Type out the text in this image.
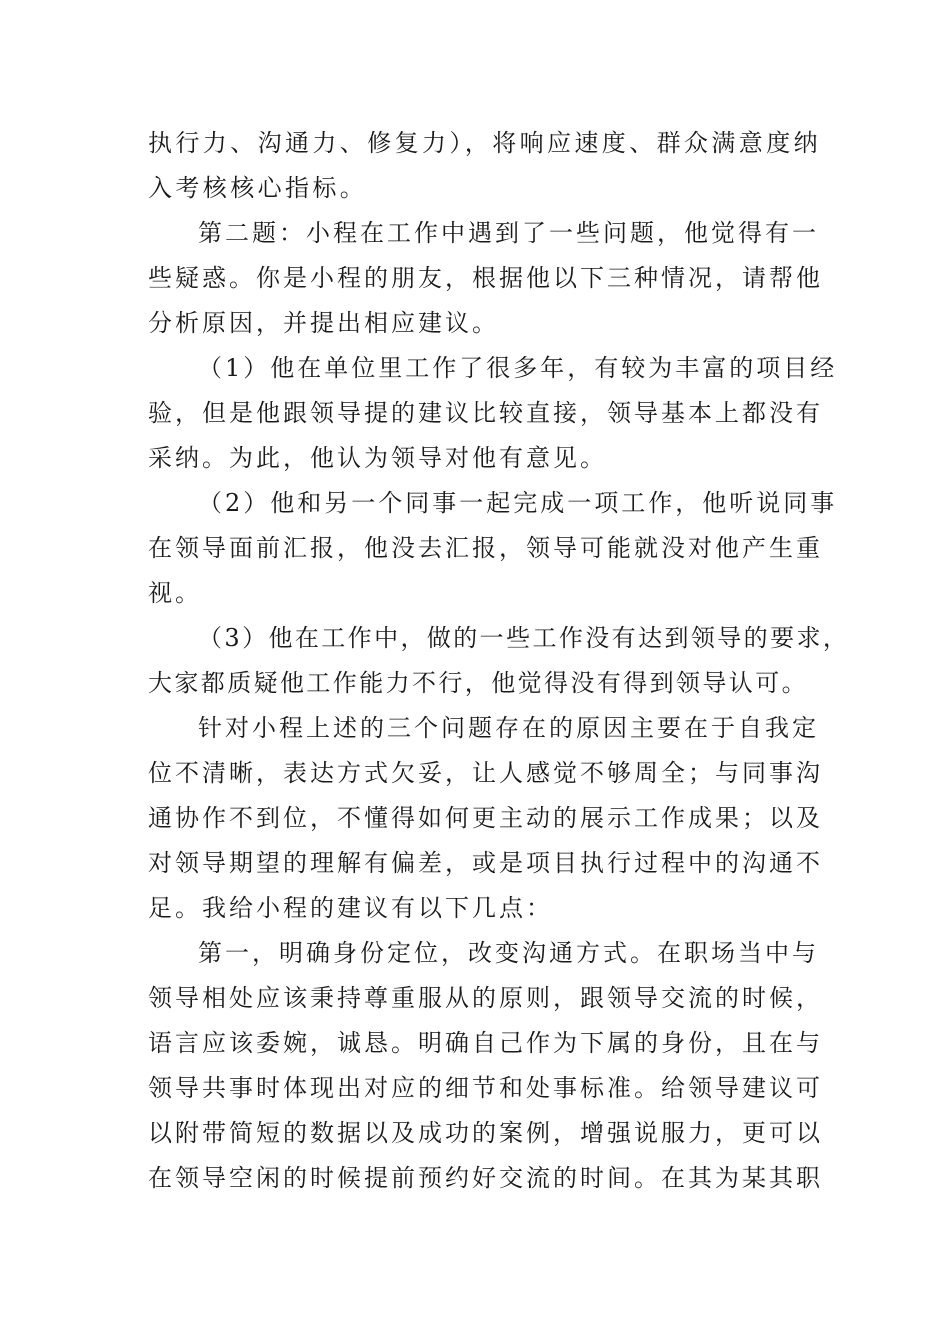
执行力、沟通力、修复力），将响应速度、群众满意度纳
入考核核心指标。
第二题：小程在工作中遇到了一些问题，他觉得有一
些疑惑。你是小程的朋友，根据他以下三种情况，请帮他
分析原因，并提出相应建议。
（1）他在单位里工作了很多年，有较为丰富的项目经
验，但是他跟领导提的建议比较直接，领导基本上都没有
采纳。为此，他认为领导对他有意见。
（2）他和另一个同事一起完成一项工作，他听说同事
在领导面前汇报，他没去汇报，领导可能就没对他产生重
视。
（3）他在工作中，做的一些工作没有达到领导的要求，
大家都质疑他工作能力不行，他觉得没有得到领导认可。
针对小程上述的三个问题存在的原因主要在于自我定
位不清晰，表达方式欠妥，让人感觉不够周全；与同事沟
通协作不到位，不懂得如何更主动的展示工作成果；以及
对领导期望的理解有偏差，或是项目执行过程中的沟通不
足。我给小程的建议有以下几点：
第一，明确身份定位，改变沟通方式。在职场当中与
领导相处应该秉持尊重服从的原则，跟领导交流的时候，
语言应该委婉，诚恳。明确自己作为下属的身份，且在与
领导共事时体现出对应的细节和处事标准。给领导建议可
以附带简短的数据以及成功的案例，增强说服力，更可以
在领导空闲的时候提前预约好交流的时间。在其为某其职
